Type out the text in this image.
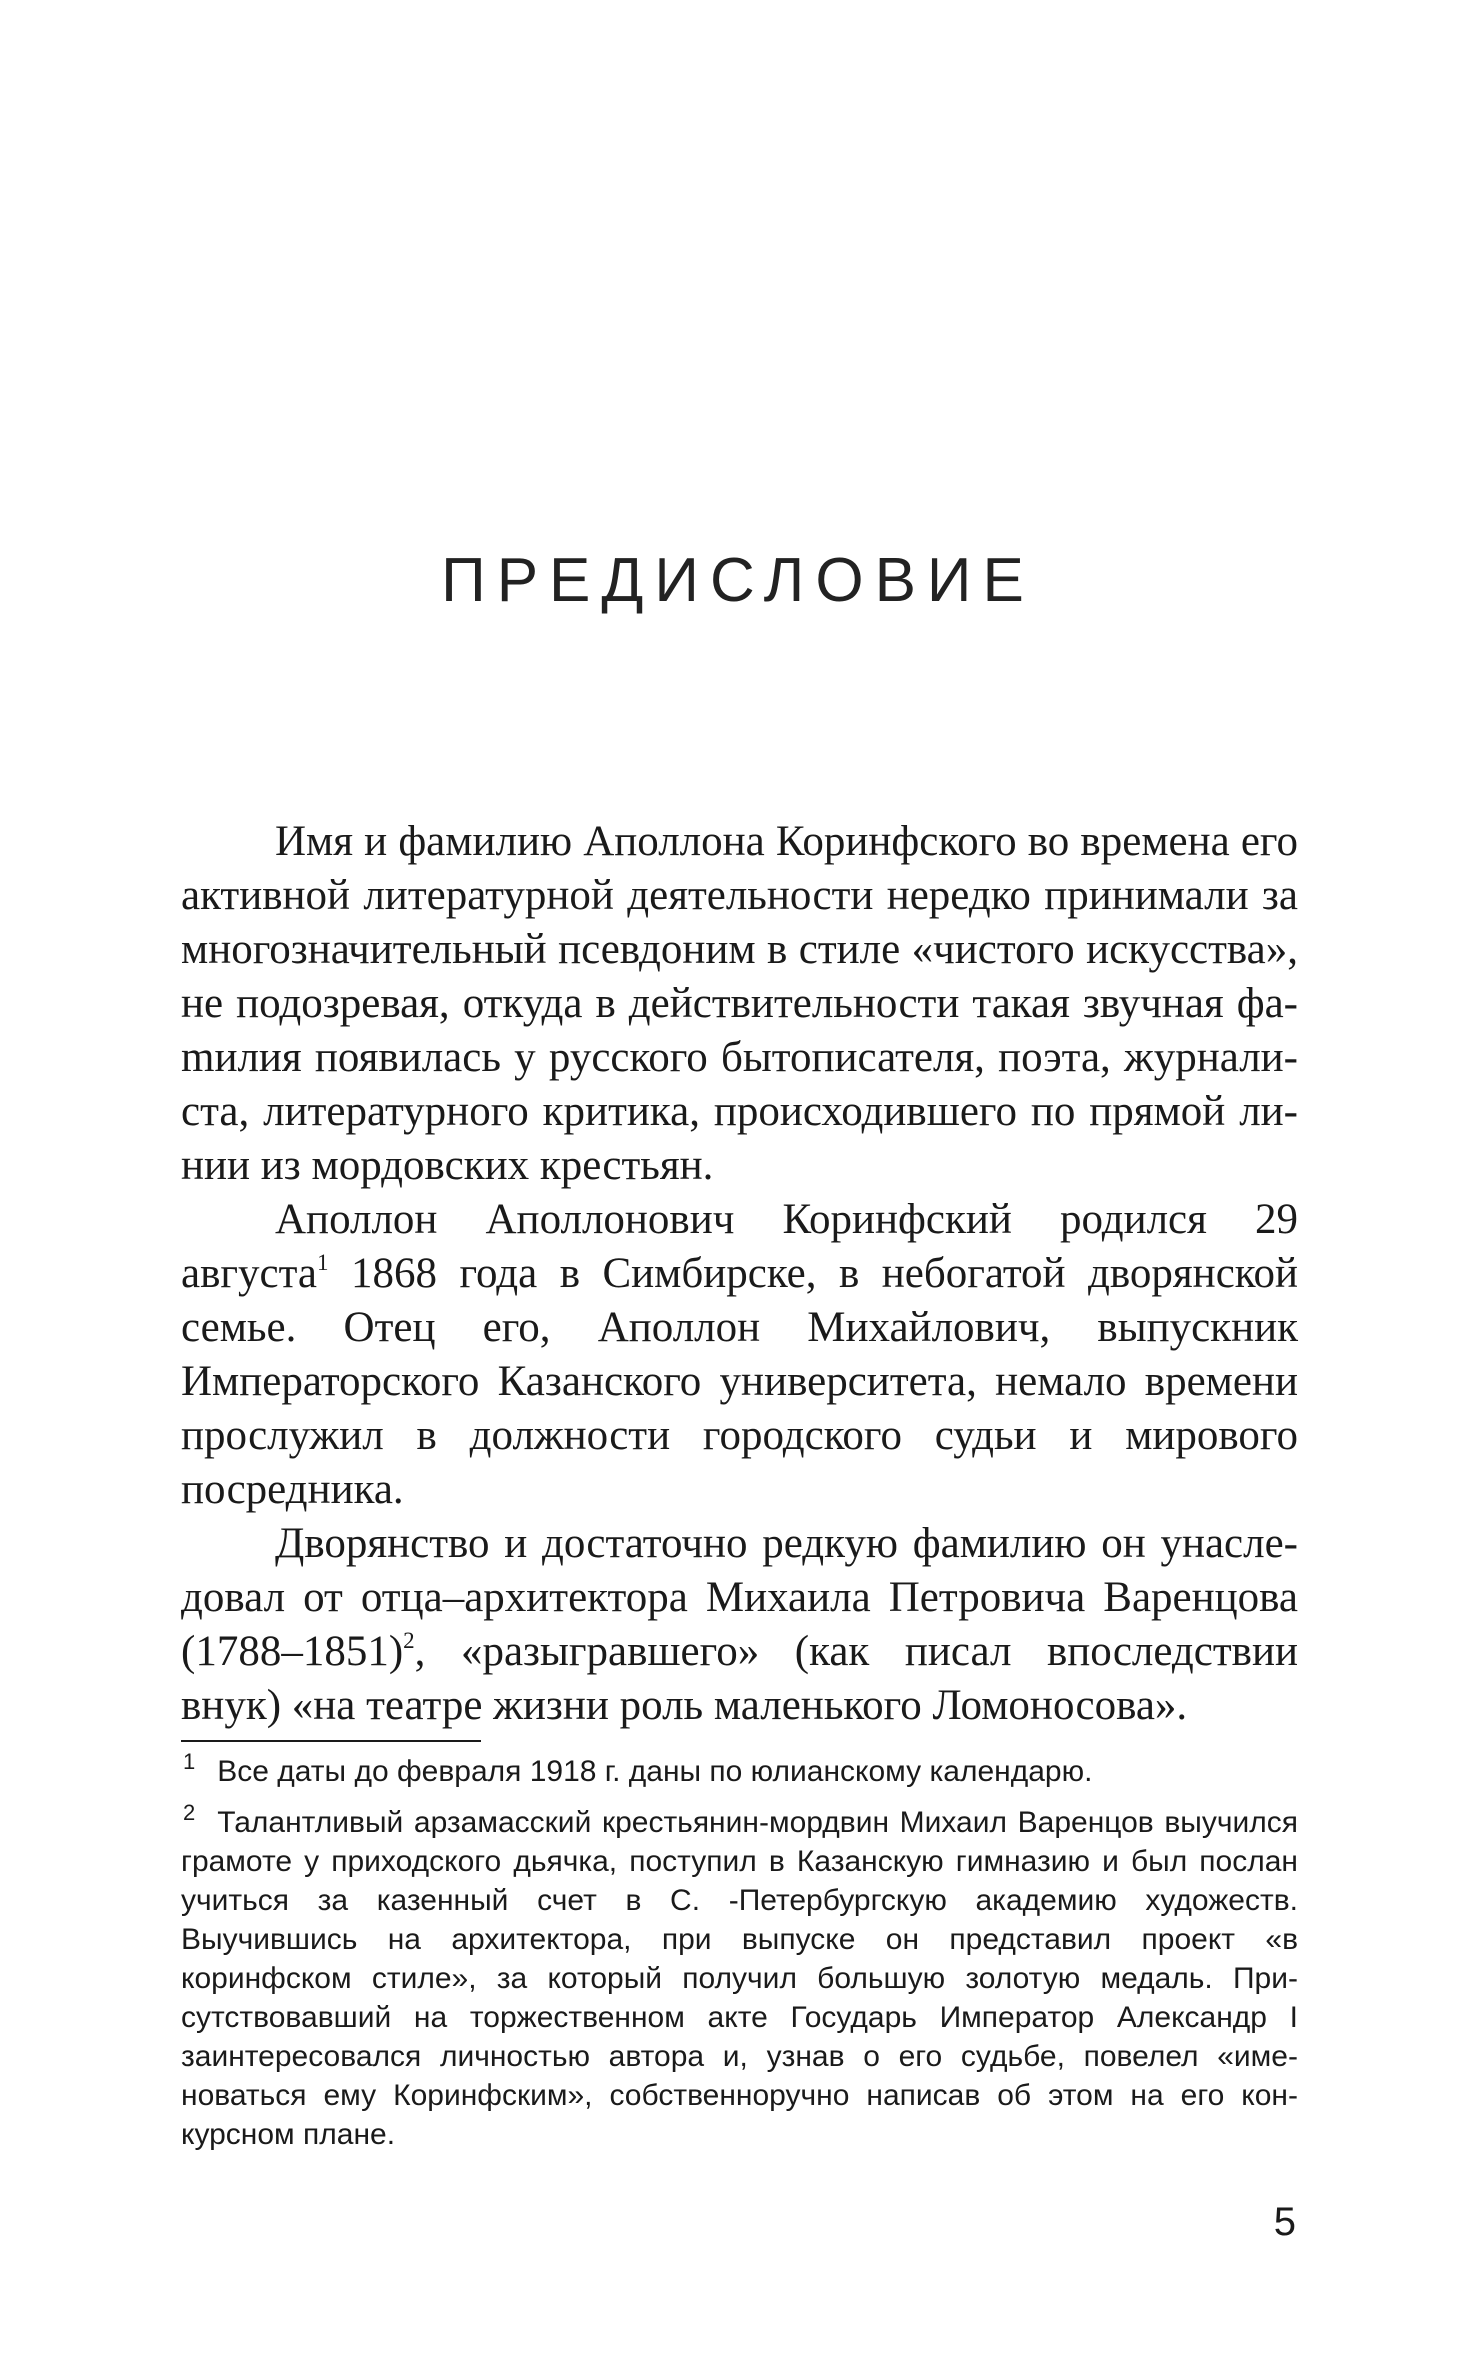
ПРЕДИСЛОВИЕ

Имя и фамилию Аполлона Коринфского во времена его активной литературной деятельности нередко принимали за многозначительный псевдоним в стиле «чистого искусства», не подозревая, откуда в действительности такая звучная фаmилия появилась у русского бытописателя, поэта, журналиста, литературного критика, происходившего по прямой линии из мордовских крестьян.

Аполлон Аполлонович Коринфский родился 29 августа$^1$ 1868 года в Симбирске, в небогатой дворянской семье. Отец его, Аполлон Михайлович, выпускник Императорского Казанского университета, немало времени прослужил в должности городского судьи и мирового посредника.

Дворянство и достаточно редкую фамилию он унаследовал от отца–архитектора Михаила Петровича Варенцова (1788–1851)$^2$, «разыгравшего» (как писал впоследствии внук) «на театре жизни роль маленького Ломоносова».

$^1$ Все даты до февраля 1918 г. даны по юлианскому календарю.

$^2$ Талантливый арзамасский крестьянин-мордвин Михаил Варенцов выучился грамоте у приходского дьячка, поступил в Казанскую гимназию и был послан учиться за казенный счет в С. -Петербургскую академию художеств. Выучившись на архитектора, при выпуске он представил проект «в коринфском стиле», за который получил большую золотую медаль. Присутствовавший на торжественном акте Государь Император Александр I заинтересовался личностью автора и, узнав о его судьбе, повелел «именоваться ему Коринфским», собственноручно написав об этом на его конкурсном плане.

5
